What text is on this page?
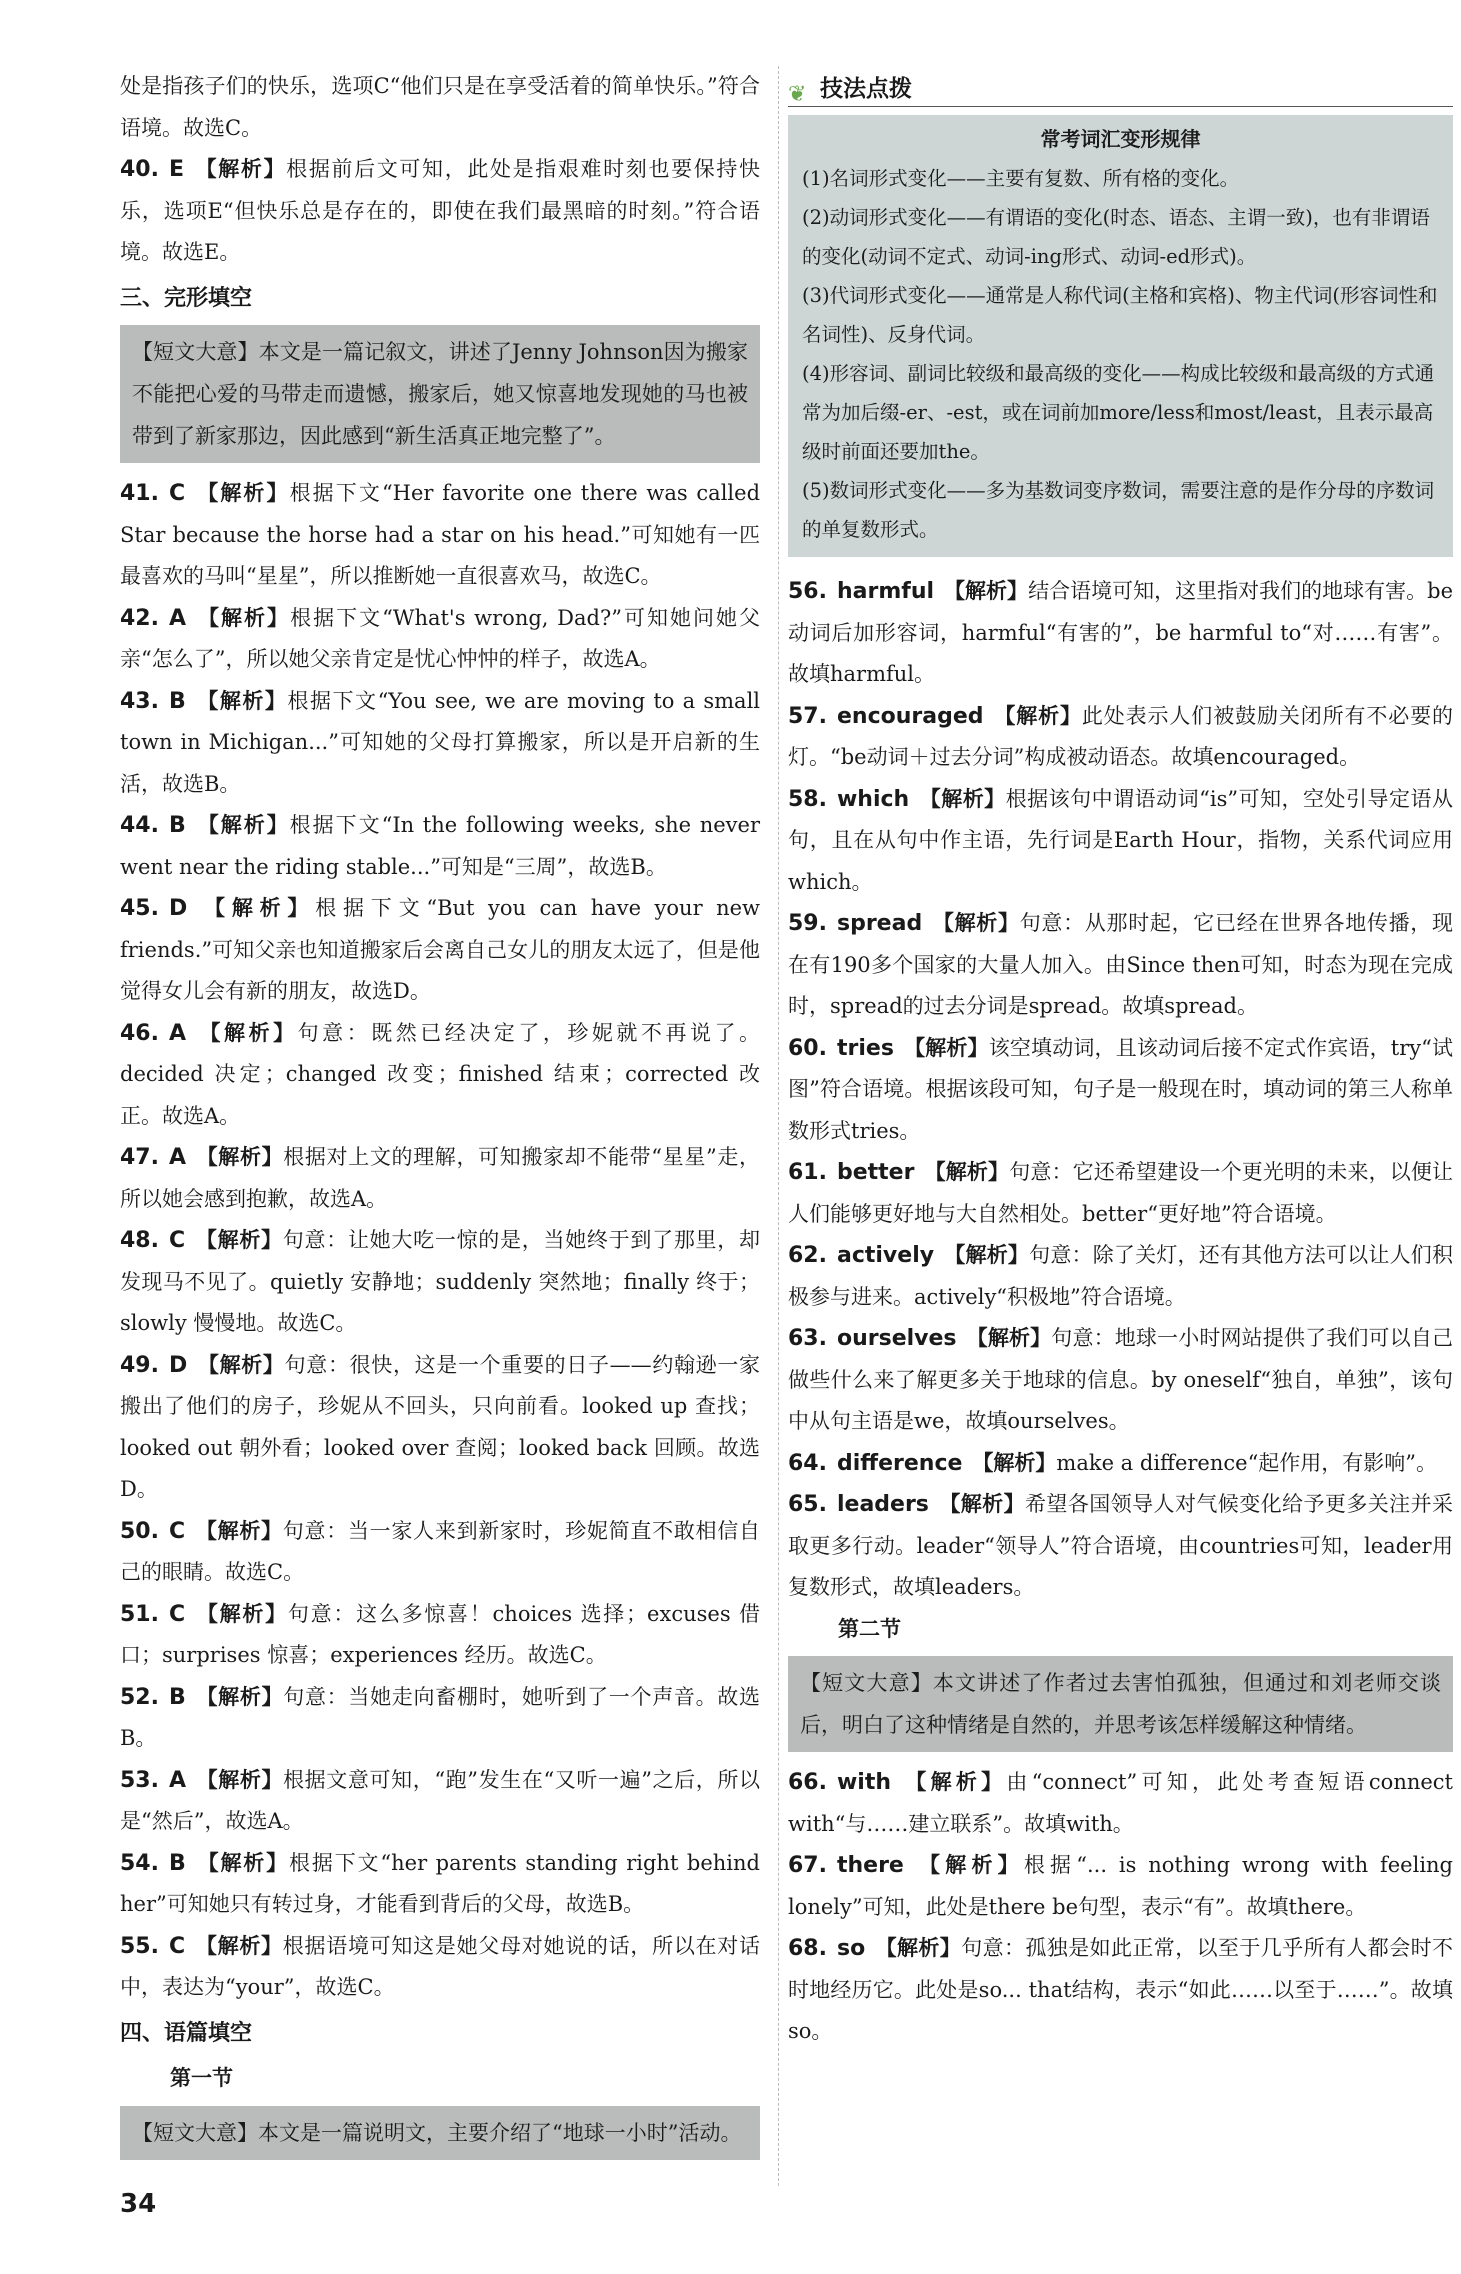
处是指孩子们的快乐，选项C“他们只是在享受活着的简单快乐。”符合语境。故选C。

40. E 【解析】根据前后文可知，此处是指艰难时刻也要保持快乐，选项E“但快乐总是存在的，即使在我们最黑暗的时刻。”符合语境。故选E。

三、完形填空
【短文大意】本文是一篇记叙文，讲述了Jenny Johnson因为搬家不能把心爱的马带走而遗憾，搬家后，她又惊喜地发现她的马也被带到了新家那边，因此感到“新生活真正地完整了”。

41. C 【解析】根据下文“Her favorite one there was called Star because the horse had a star on his head.”可知她有一匹最喜欢的马叫“星星”，所以推断她一直很喜欢马，故选C。

42. A 【解析】根据下文“What's wrong, Dad?”可知她问她父亲“怎么了”，所以她父亲肯定是忧心忡忡的样子，故选A。

43. B 【解析】根据下文“You see, we are moving to a small town in Michigan...”可知她的父母打算搬家，所以是开启新的生活，故选B。

44. B 【解析】根据下文“In the following weeks, she never went near the riding stable...”可知是“三周”，故选B。

45. D 【解析】根据下文“But you can have your new friends.”可知父亲也知道搬家后会离自己女儿的朋友太远了，但是他觉得女儿会有新的朋友，故选D。

46. A 【解析】句意：既然已经决定了，珍妮就不再说了。decided 决定；changed 改变；finished 结束；corrected 改正。故选A。

47. A 【解析】根据对上文的理解，可知搬家却不能带“星星”走，所以她会感到抱歉，故选A。

48. C 【解析】句意：让她大吃一惊的是，当她终于到了那里，却发现马不见了。quietly 安静地；suddenly 突然地；finally 终于；slowly 慢慢地。故选C。

49. D 【解析】句意：很快，这是一个重要的日子——约翰逊一家搬出了他们的房子，珍妮从不回头，只向前看。looked up 查找；looked out 朝外看；looked over 查阅；looked back 回顾。故选D。

50. C 【解析】句意：当一家人来到新家时，珍妮简直不敢相信自己的眼睛。故选C。

51. C 【解析】句意：这么多惊喜！choices 选择；excuses 借口；surprises 惊喜；experiences 经历。故选C。

52. B 【解析】句意：当她走向畜棚时，她听到了一个声音。故选B。

53. A 【解析】根据文意可知，“跑”发生在“又听一遍”之后，所以是“然后”，故选A。

54. B 【解析】根据下文“her parents standing right behind her”可知她只有转过身，才能看到背后的父母，故选B。

55. C 【解析】根据语境可知这是她父母对她说的话，所以在对话中，表达为“your”，故选C。

四、语篇填空
第一节
【短文大意】本文是一篇说明文，主要介绍了“地球一小时”活动。
❦ 技法点拨
常考词汇变形规律

(1)名词形式变化——主要有复数、所有格的变化。

(2)动词形式变化——有谓语的变化(时态、语态、主谓一致)，也有非谓语的变化(动词不定式、动词-ing形式、动词-ed形式)。

(3)代词形式变化——通常是人称代词(主格和宾格)、物主代词(形容词性和名词性)、反身代词。

(4)形容词、副词比较级和最高级的变化——构成比较级和最高级的方式通常为加后缀-er、-est，或在词前加more/less和most/least，且表示最高级时前面还要加the。

(5)数词形式变化——多为基数词变序数词，需要注意的是作分母的序数词的单复数形式。

56. harmful 【解析】结合语境可知，这里指对我们的地球有害。be动词后加形容词，harmful“有害的”，be harmful to“对……有害”。故填harmful。

57. encouraged 【解析】此处表示人们被鼓励关闭所有不必要的灯。“be动词＋过去分词”构成被动语态。故填encouraged。

58. which 【解析】根据该句中谓语动词“is”可知，空处引导定语从句，且在从句中作主语，先行词是Earth Hour，指物，关系代词应用which。

59. spread 【解析】句意：从那时起，它已经在世界各地传播，现在有190多个国家的大量人加入。由Since then可知，时态为现在完成时，spread的过去分词是spread。故填spread。

60. tries 【解析】该空填动词，且该动词后接不定式作宾语，try“试图”符合语境。根据该段可知，句子是一般现在时，填动词的第三人称单数形式tries。

61. better 【解析】句意：它还希望建设一个更光明的未来，以便让人们能够更好地与大自然相处。better“更好地”符合语境。

62. actively 【解析】句意：除了关灯，还有其他方法可以让人们积极参与进来。actively“积极地”符合语境。

63. ourselves 【解析】句意：地球一小时网站提供了我们可以自己做些什么来了解更多关于地球的信息。by oneself“独自，单独”，该句中从句主语是we，故填ourselves。

64. difference 【解析】make a difference“起作用，有影响”。

65. leaders 【解析】希望各国领导人对气候变化给予更多关注并采取更多行动。leader“领导人”符合语境，由countries可知，leader用复数形式，故填leaders。

第二节
【短文大意】本文讲述了作者过去害怕孤独，但通过和刘老师交谈后，明白了这种情绪是自然的，并思考该怎样缓解这种情绪。

66. with 【解析】由“connect”可知，此处考查短语connect with“与……建立联系”。故填with。

67. there 【解析】根据“... is nothing wrong with feeling lonely”可知，此处是there be句型，表示“有”。故填there。

68. so 【解析】句意：孤独是如此正常，以至于几乎所有人都会时不时地经历它。此处是so... that结构，表示“如此……以至于……”。故填so。

34
